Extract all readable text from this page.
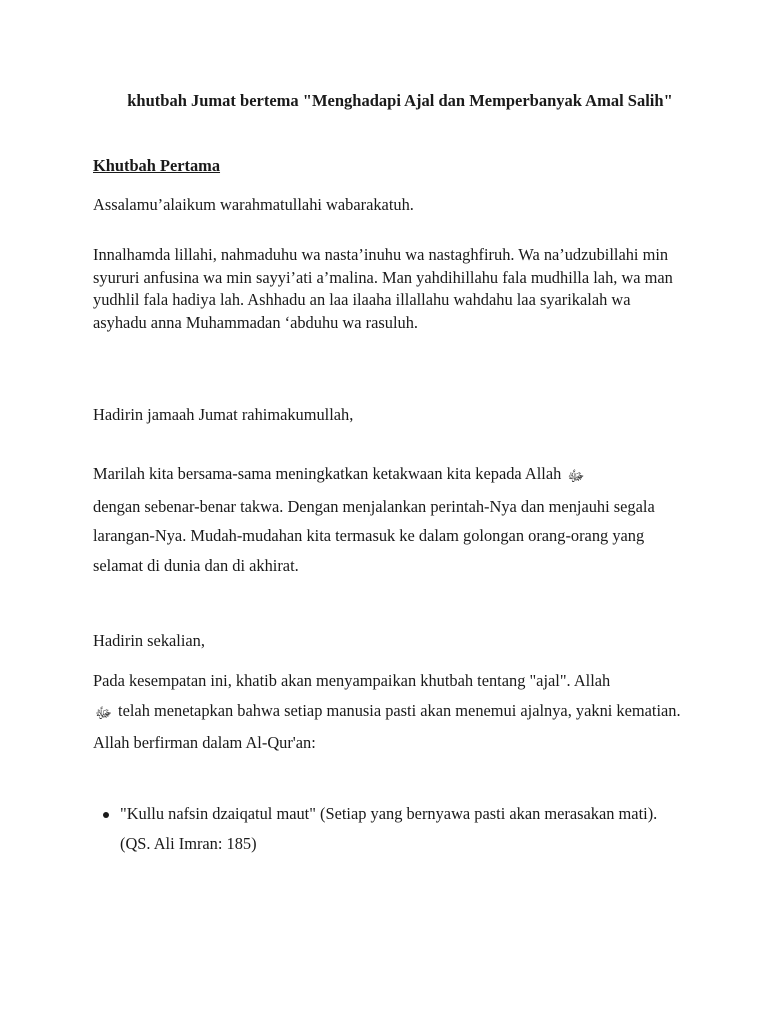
khutbah Jumat bertema "Menghadapi Ajal dan Memperbanyak Amal Salih"
Khutbah Pertama

Assalamu’alaikum warahmatullahi wabarakatuh.

Innalhamda lillahi, nahmaduhu wa nasta’inuhu wa nastaghfiruh. Wa na’udzubillahi min syururi anfusina wa min sayyi’ati a’malina. Man yahdihillahu fala mudhilla lah, wa man yudhlil fala hadiya lah. Ashhadu an laa ilaaha illallahu wahdahu laa syarikalah wa asyhadu anna Muhammadan ‘abduhu wa rasuluh.

Hadirin jamaah Jumat rahimakumullah,

Marilah kita bersama-sama meningkatkan ketakwaan kita kepada Allah ﷻ
dengan sebenar-benar takwa. Dengan menjalankan perintah-Nya dan menjauhi segala larangan-Nya. Mudah-mudahan kita termasuk ke dalam golongan orang-orang yang selamat di dunia dan di akhirat.

Hadirin sekalian,

Pada kesempatan ini, khatib akan menyampaikan khutbah tentang "ajal". Allah
ﷻ telah menetapkan bahwa setiap manusia pasti akan menemui ajalnya, yakni kematian. Allah berfirman dalam Al-Qur'an:

"Kullu nafsin dzaiqatul maut" (Setiap yang bernyawa pasti akan merasakan mati).
(QS. Ali Imran: 185)
